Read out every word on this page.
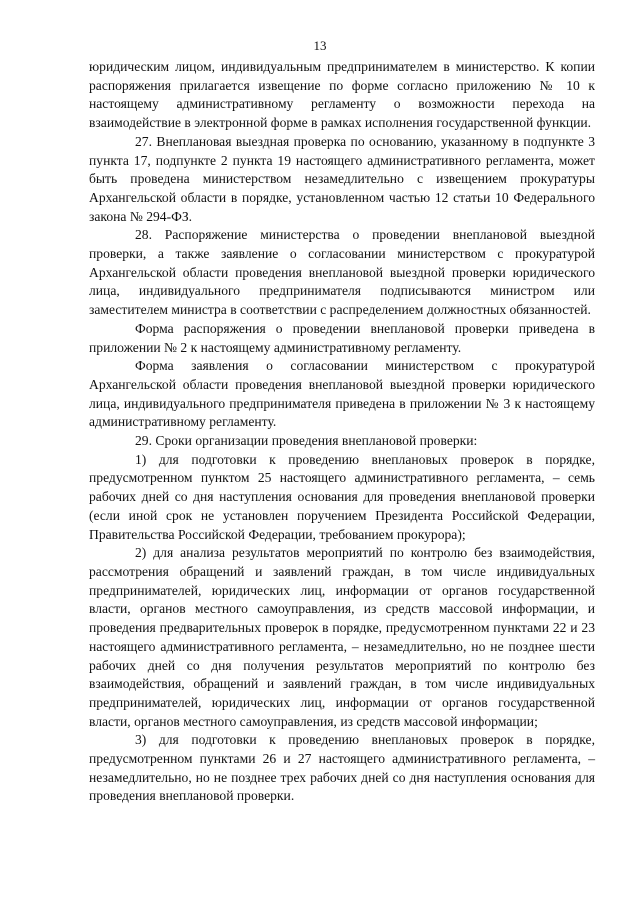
13

юридическим лицом, индивидуальным предпринимателем в министерство. К копии распоряжения прилагается извещение по форме согласно приложению № 10 к настоящему административному регламенту о возможности перехода на взаимодействие в электронной форме в рамках исполнения государственной функции.

27. Внеплановая выездная проверка по основанию, указанному в подпункте 3 пункта 17, подпункте 2 пункта 19 настоящего административного регламента, может быть проведена министерством незамедлительно с извещением прокуратуры Архангельской области в порядке, установленном частью 12 статьи 10 Федерального закона № 294-ФЗ.

28. Распоряжение министерства о проведении внеплановой выездной проверки, а также заявление о согласовании министерством с прокуратурой Архангельской области проведения внеплановой выездной проверки юридического лица, индивидуального предпринимателя подписываются министром или заместителем министра в соответствии с распределением должностных обязанностей.

Форма распоряжения о проведении внеплановой проверки приведена в приложении № 2 к настоящему административному регламенту.

Форма заявления о согласовании министерством с прокуратурой Архангельской области проведения внеплановой выездной проверки юридического лица, индивидуального предпринимателя приведена в приложении № 3 к настоящему административному регламенту.

29. Сроки организации проведения внеплановой проверки:

1) для подготовки к проведению внеплановых проверок в порядке, предусмотренном пунктом 25 настоящего административного регламента, – семь рабочих дней со дня наступления основания для проведения внеплановой проверки (если иной срок не установлен поручением Президента Российской Федерации, Правительства Российской Федерации, требованием прокурора);

2) для анализа результатов мероприятий по контролю без взаимодействия, рассмотрения обращений и заявлений граждан, в том числе индивидуальных предпринимателей, юридических лиц, информации от органов государственной власти, органов местного самоуправления, из средств массовой информации, и проведения предварительных проверок в порядке, предусмотренном пунктами 22 и 23 настоящего административного регламента, – незамедлительно, но не позднее шести рабочих дней со дня получения результатов мероприятий по контролю без взаимодействия, обращений и заявлений граждан, в том числе индивидуальных предпринимателей, юридических лиц, информации от органов государственной власти, органов местного самоуправления, из средств массовой информации;

3) для подготовки к проведению внеплановых проверок в порядке, предусмотренном пунктами 26 и 27 настоящего административного регламента, – незамедлительно, но не позднее трех рабочих дней со дня наступления основания для проведения внеплановой проверки.
